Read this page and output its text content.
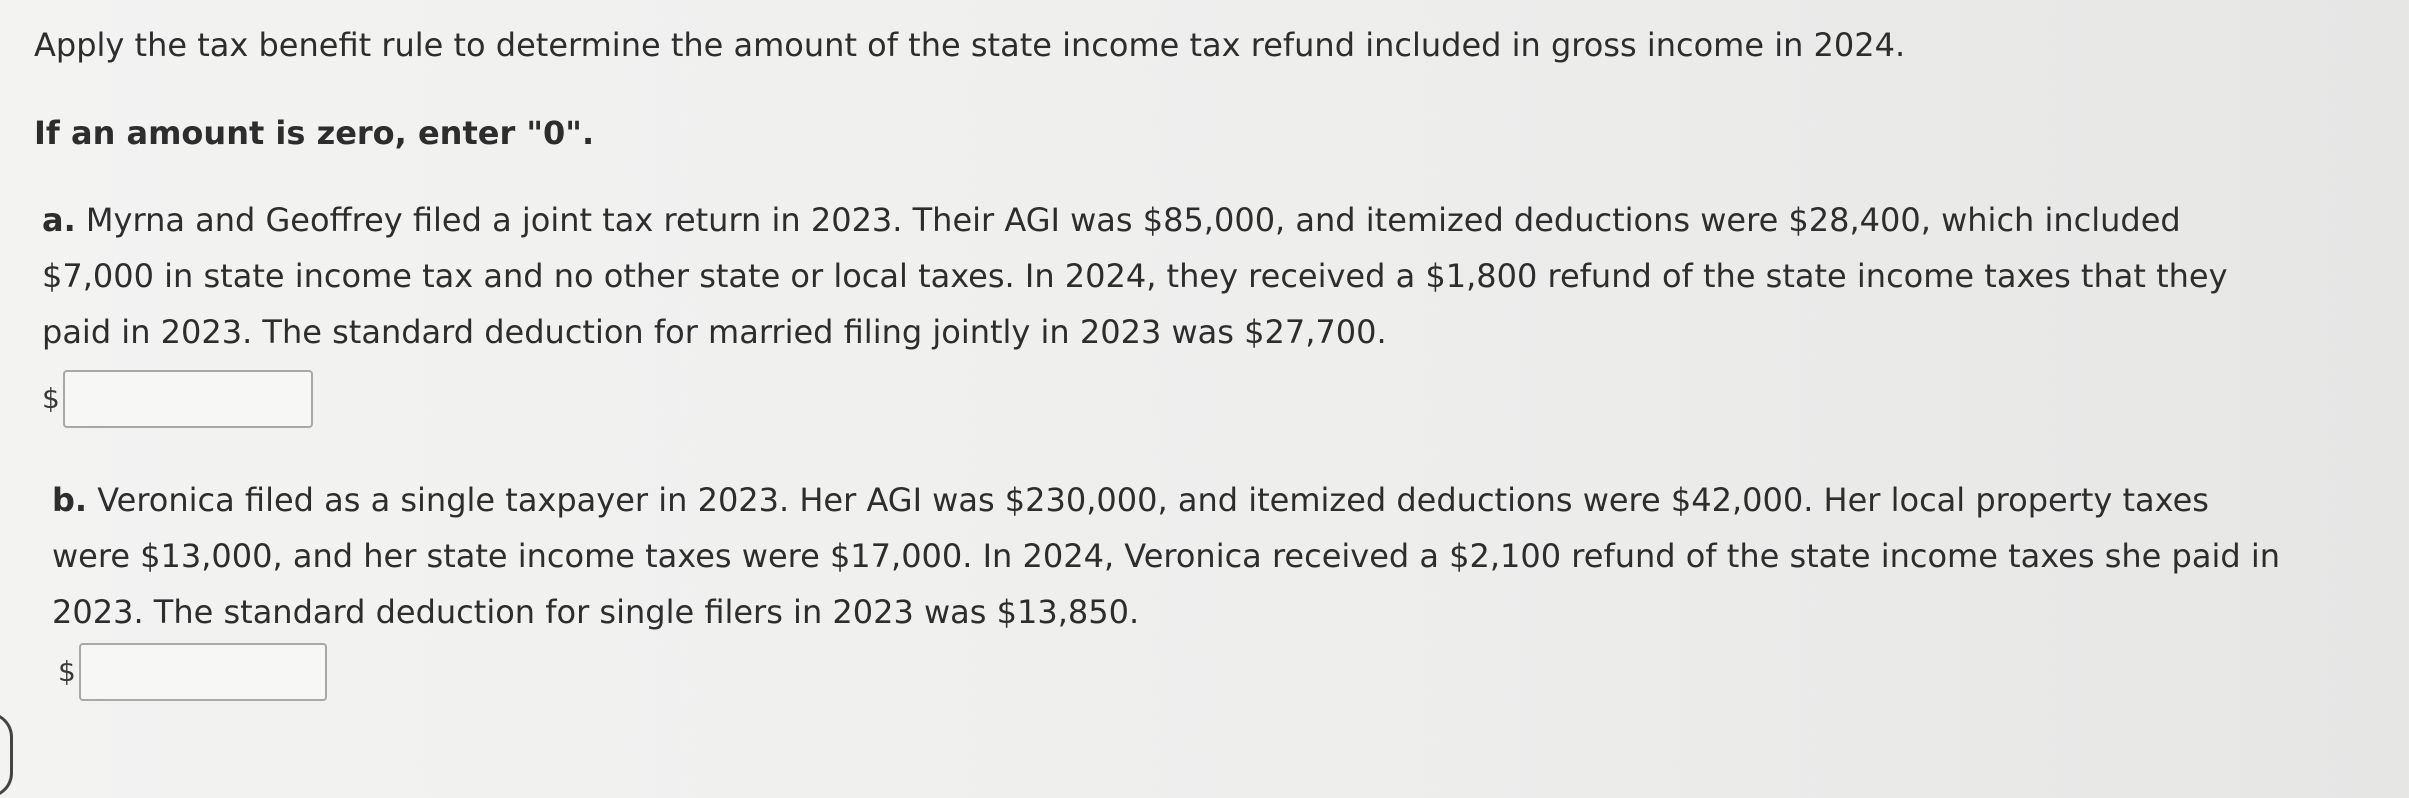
Apply the tax benefit rule to determine the amount of the state income tax refund included in gross income in 2024.
If an amount is zero, enter "0".
a. Myrna and Geoffrey filed a joint tax return in 2023. Their AGI was $85,000, and itemized deductions were $28,400, which included
$7,000 in state income tax and no other state or local taxes. In 2024, they received a $1,800 refund of the state income taxes that they
paid in 2023. The standard deduction for married filing jointly in 2023 was $27,700.
$
b. Veronica filed as a single taxpayer in 2023. Her AGI was $230,000, and itemized deductions were $42,000. Her local property taxes
were $13,000, and her state income taxes were $17,000. In 2024, Veronica received a $2,100 refund of the state income taxes she paid in
2023. The standard deduction for single filers in 2023 was $13,850.
$
